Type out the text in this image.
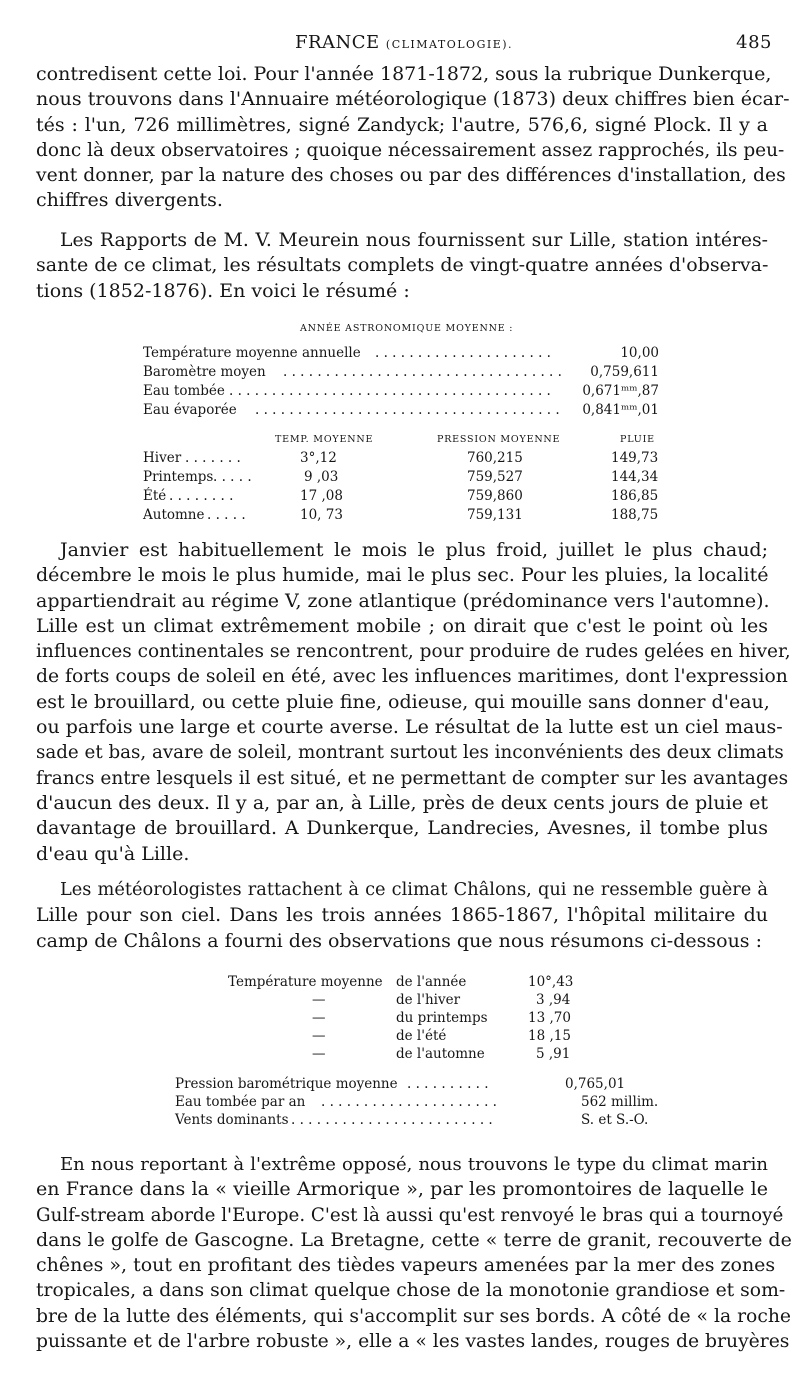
FRANCE (CLIMATOLOGIE).	485
contredisent cette loi. Pour l'année 1871-1872, sous la rubrique Dunkerque,
nous trouvons dans l'Annuaire météorologique (1873) deux chiffres bien écar-
tés : l'un, 726 millimètres, signé Zandyck; l'autre, 576,6, signé Plock. Il y a
donc là deux observatoires ; quoique nécessairement assez rapprochés, ils peu-
vent donner, par la nature des choses ou par des différences d'installation, des
chiffres divergents.
Les Rapports de M. V. Meurein nous fournissent sur Lille, station intéres-
sante de ce climat, les résultats complets de vingt-quatre années d'observa-
tions (1852-1876). En voici le résumé :
ANNÉE ASTRONOMIQUE MOYENNE :
Température moyenne annuelle . . . . . . . . . . . . . . . . . . . . .	10,00
Baromètre moyen . . . . . . . . . . . . . . . . . . . . . . . . . . . . . . . . . 0,759,611
Eau tombée . . . . . . . . . . . . . . . . . . . . . . . . . . . . . . . . . . . . . . 0,671ᵐᵐ,87
Eau évaporée . . . . . . . . . . . . . . . . . . . . . . . . . . . . . . . . . . . . 0,841ᵐᵐ,01
TEMP. MOYENNE	PRESSION MOYENNE	PLUIE
Hiver . . . . . . .	3°,12	760,215	149,73
Printemps . . . . .	9 ,03	759,527	144,34
Été . . . . . . . .	17 ,08	759,860	186,85
Automne . . . . .	10, 73	759,131	188,75
Janvier est habituellement le mois le plus froid, juillet le plus chaud;
décembre le mois le plus humide, mai le plus sec. Pour les pluies, la localité
appartiendrait au régime V, zone atlantique (prédominance vers l'automne).
Lille est un climat extrêmement mobile ; on dirait que c'est le point où les
influences continentales se rencontrent, pour produire de rudes gelées en hiver,
de forts coups de soleil en été, avec les influences maritimes, dont l'expression
est le brouillard, ou cette pluie fine, odieuse, qui mouille sans donner d'eau,
ou parfois une large et courte averse. Le résultat de la lutte est un ciel maus-
sade et bas, avare de soleil, montrant surtout les inconvénients des deux climats
francs entre lesquels il est situé, et ne permettant de compter sur les avantages
d'aucun des deux. Il y a, par an, à Lille, près de deux cents jours de pluie et
davantage de brouillard. A Dunkerque, Landrecies, Avesnes, il tombe plus
d'eau qu'à Lille.
Les météorologistes rattachent à ce climat Châlons, qui ne ressemble guère à
Lille pour son ciel. Dans les trois années 1865-1867, l'hôpital militaire du
camp de Châlons a fourni des observations que nous résumons ci-dessous :
Température moyenne de l'année	10°,43
—	de l'hiver	3 ,94
—	du printemps	13 ,70
—	de l'été	18 ,15
—	de l'automne	5 ,91
Pression barométrique moyenne . . . . . . . . . .	0,765,01
Eau tombée par an . . . . . . . . . . . . . . . . . . . . .	562 millim.
Vents dominants . . . . . . . . . . . . . . . . . . . . . . . .	S. et S.-O.
En nous reportant à l'extrême opposé, nous trouvons le type du climat marin
en France dans la « vieille Armorique », par les promontoires de laquelle le
Gulf-stream aborde l'Europe. C'est là aussi qu'est renvoyé le bras qui a tournoyé
dans le golfe de Gascogne. La Bretagne, cette « terre de granit, recouverte de
chênes », tout en profitant des tièdes vapeurs amenées par la mer des zones
tropicales, a dans son climat quelque chose de la monotonie grandiose et som-
bre de la lutte des éléments, qui s'accomplit sur ses bords. A côté de « la roche
puissante et de l'arbre robuste », elle a « les vastes landes, rouges de bruyères
